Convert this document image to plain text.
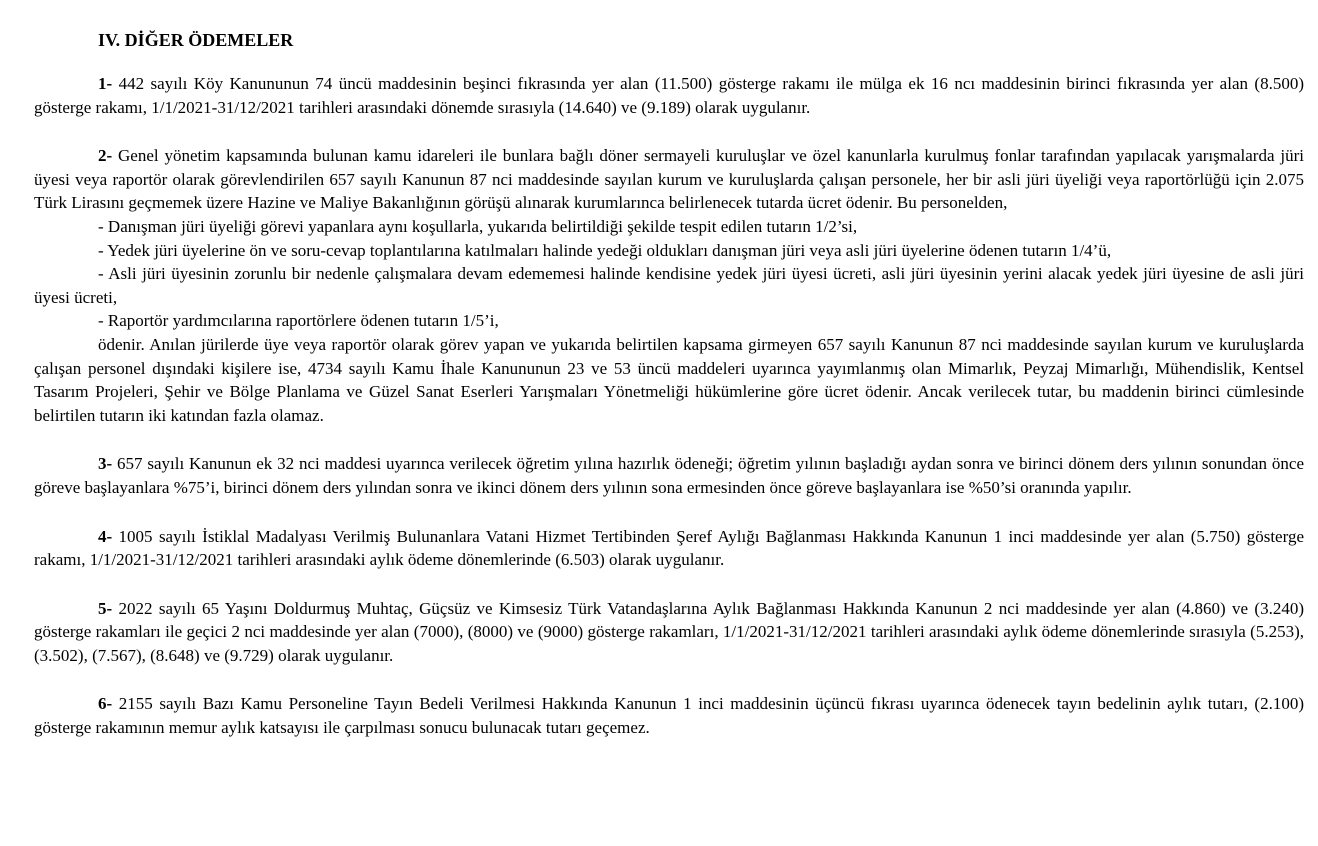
IV. DİĞER ÖDEMELER

1- 442 sayılı Köy Kanununun 74 üncü maddesinin beşinci fıkrasında yer alan (11.500) gösterge rakamı ile mülga ek 16 ncı maddesinin birinci fıkrasında yer alan (8.500) gösterge rakamı, 1/1/2021-31/12/2021 tarihleri arasındaki dönemde sırasıyla (14.640) ve (9.189) olarak uygulanır.

2- Genel yönetim kapsamında bulunan kamu idareleri ile bunlara bağlı döner sermayeli kuruluşlar ve özel kanunlarla kurulmuş fonlar tarafından yapılacak yarışmalarda jüri üyesi veya raportör olarak görevlendirilen 657 sayılı Kanunun 87 nci maddesinde sayılan kurum ve kuruluşlarda çalışan personele, her bir asli jüri üyeliği veya raportörlüğü için 2.075 Türk Lirasını geçmemek üzere Hazine ve Maliye Bakanlığının görüşü alınarak kurumlarınca belirlenecek tutarda ücret ödenir. Bu personelden,

- Danışman jüri üyeliği görevi yapanlara aynı koşullarla, yukarıda belirtildiği şekilde tespit edilen tutarın 1/2’si,

- Yedek jüri üyelerine ön ve soru-cevap toplantılarına katılmaları halinde yedeği oldukları danışman jüri veya asli jüri üyelerine ödenen tutarın 1/4’ü,

- Asli jüri üyesinin zorunlu bir nedenle çalışmalara devam edememesi halinde kendisine yedek jüri üyesi ücreti, asli jüri üyesinin yerini alacak yedek jüri üyesine de asli jüri üyesi ücreti,

- Raportör yardımcılarına raportörlere ödenen tutarın 1/5’i,

ödenir. Anılan jürilerde üye veya raportör olarak görev yapan ve yukarıda belirtilen kapsama girmeyen 657 sayılı Kanunun 87 nci maddesinde sayılan kurum ve kuruluşlarda çalışan personel dışındaki kişilere ise, 4734 sayılı Kamu İhale Kanununun 23 ve 53 üncü maddeleri uyarınca yayımlanmış olan Mimarlık, Peyzaj Mimarlığı, Mühendislik, Kentsel Tasarım Projeleri, Şehir ve Bölge Planlama ve Güzel Sanat Eserleri Yarışmaları Yönetmeliği hükümlerine göre ücret ödenir. Ancak verilecek tutar, bu maddenin birinci cümlesinde belirtilen tutarın iki katından fazla olamaz.

3- 657 sayılı Kanunun ek 32 nci maddesi uyarınca verilecek öğretim yılına hazırlık ödeneği; öğretim yılının başladığı aydan sonra ve birinci dönem ders yılının sonundan önce göreve başlayanlara %75’i, birinci dönem ders yılından sonra ve ikinci dönem ders yılının sona ermesinden önce göreve başlayanlara ise %50’si oranında yapılır.

4- 1005 sayılı İstiklal Madalyası Verilmiş Bulunanlara Vatani Hizmet Tertibinden Şeref Aylığı Bağlanması Hakkında Kanunun 1 inci maddesinde yer alan (5.750) gösterge rakamı, 1/1/2021-31/12/2021 tarihleri arasındaki aylık ödeme dönemlerinde (6.503) olarak uygulanır.

5- 2022 sayılı 65 Yaşını Doldurmuş Muhtaç, Güçsüz ve Kimsesiz Türk Vatandaşlarına Aylık Bağlanması Hakkında Kanunun 2 nci maddesinde yer alan (4.860) ve (3.240) gösterge rakamları ile geçici 2 nci maddesinde yer alan (7000), (8000) ve (9000) gösterge rakamları, 1/1/2021-31/12/2021 tarihleri arasındaki aylık ödeme dönemlerinde sırasıyla (5.253), (3.502), (7.567), (8.648) ve (9.729) olarak uygulanır.

6- 2155 sayılı Bazı Kamu Personeline Tayın Bedeli Verilmesi Hakkında Kanunun 1 inci maddesinin üçüncü fıkrası uyarınca ödenecek tayın bedelinin aylık tutarı, (2.100) gösterge rakamının memur aylık katsayısı ile çarpılması sonucu bulunacak tutarı geçemez.
